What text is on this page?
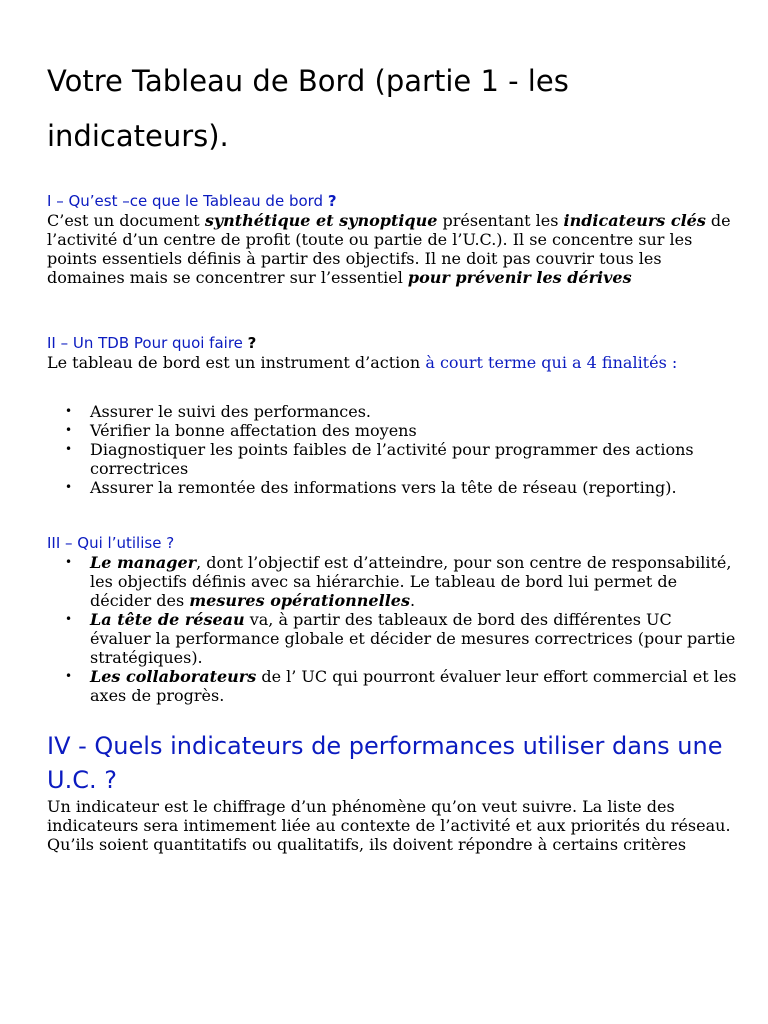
Votre Tableau de Bord (partie 1 - les indicateurs).

I – Qu’est –ce que le Tableau de bord ?

C’est un document synthétique et synoptique présentant les indicateurs clés de l’activité d’un centre de profit (toute ou partie de l’U.C.). Il se concentre sur les points essentiels définis à partir des objectifs. Il ne doit pas couvrir tous les domaines mais se concentrer sur l’essentiel pour prévenir les dérives

II – Un TDB Pour quoi faire ?

Le tableau de bord est un instrument d’action à court terme qui a 4 finalités :

• Assurer le suivi des performances.
• Vérifier la bonne affectation des moyens
• Diagnostiquer les points faibles de l’activité pour programmer des actions correctrices
• Assurer la remontée des informations vers la tête de réseau (reporting).

III – Qui l’utilise ?

• Le manager, dont l’objectif est d’atteindre, pour son centre de responsabilité, les objectifs définis avec sa hiérarchie. Le tableau de bord lui permet de décider des mesures opérationnelles.
• La tête de réseau va, à partir des tableaux de bord des différentes UC évaluer la performance globale et décider de mesures correctrices (pour partie stratégiques).
• Les collaborateurs de l’ UC qui pourront évaluer leur effort commercial et les axes de progrès.
IV - Quels indicateurs de performances utiliser dans une U.C. ?

Un indicateur est le chiffrage d’un phénomène qu’on veut suivre. La liste des indicateurs sera intimement liée au contexte de l’activité et aux priorités du réseau. Qu’ils soient quantitatifs ou qualitatifs, ils doivent répondre à certains critères
